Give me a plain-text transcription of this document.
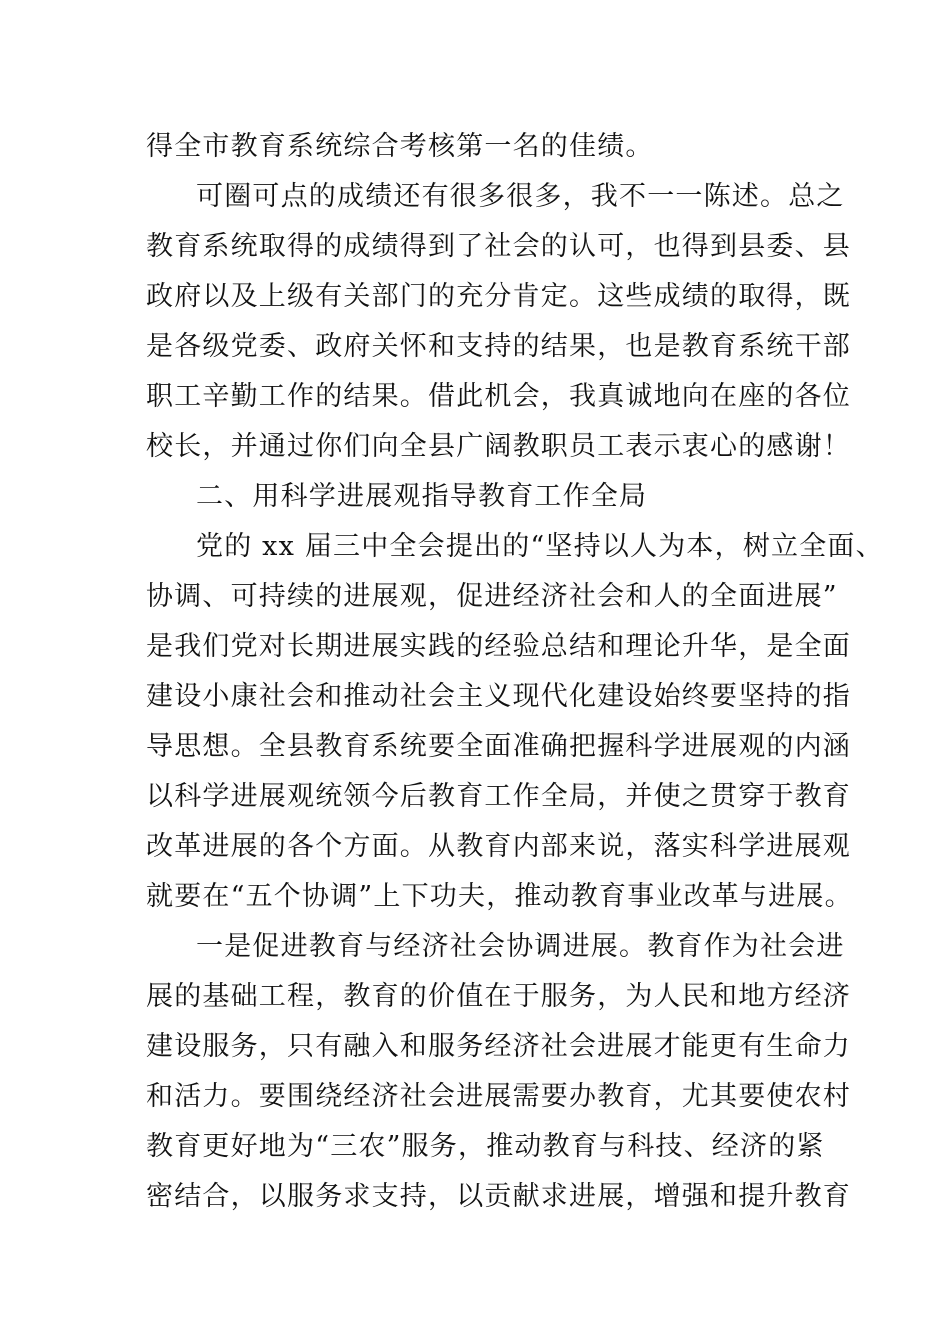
得全市教育系统综合考核第一名的佳绩。
可圈可点的成绩还有很多很多，我不一一陈述。总之
教育系统取得的成绩得到了社会的认可，也得到县委、县
政府以及上级有关部门的充分肯定。这些成绩的取得，既
是各级党委、政府关怀和支持的结果，也是教育系统干部
职工辛勤工作的结果。借此机会，我真诚地向在座的各位
校长，并通过你们向全县广阔教职员工表示衷心的感谢！
二、用科学进展观指导教育工作全局
党的 xx 届三中全会提出的“坚持以人为本，树立全面、
协调、可持续的进展观，促进经济社会和人的全面进展”
是我们党对长期进展实践的经验总结和理论升华，是全面
建设小康社会和推动社会主义现代化建设始终要坚持的指
导思想。全县教育系统要全面准确把握科学进展观的内涵
以科学进展观统领今后教育工作全局，并使之贯穿于教育
改革进展的各个方面。从教育内部来说，落实科学进展观
就要在“五个协调”上下功夫，推动教育事业改革与进展。
一是促进教育与经济社会协调进展。教育作为社会进
展的基础工程，教育的价值在于服务，为人民和地方经济
建设服务，只有融入和服务经济社会进展才能更有生命力
和活力。要围绕经济社会进展需要办教育，尤其要使农村
教育更好地为“三农”服务，推动教育与科技、经济的紧
密结合，以服务求支持，以贡献求进展，增强和提升教育
